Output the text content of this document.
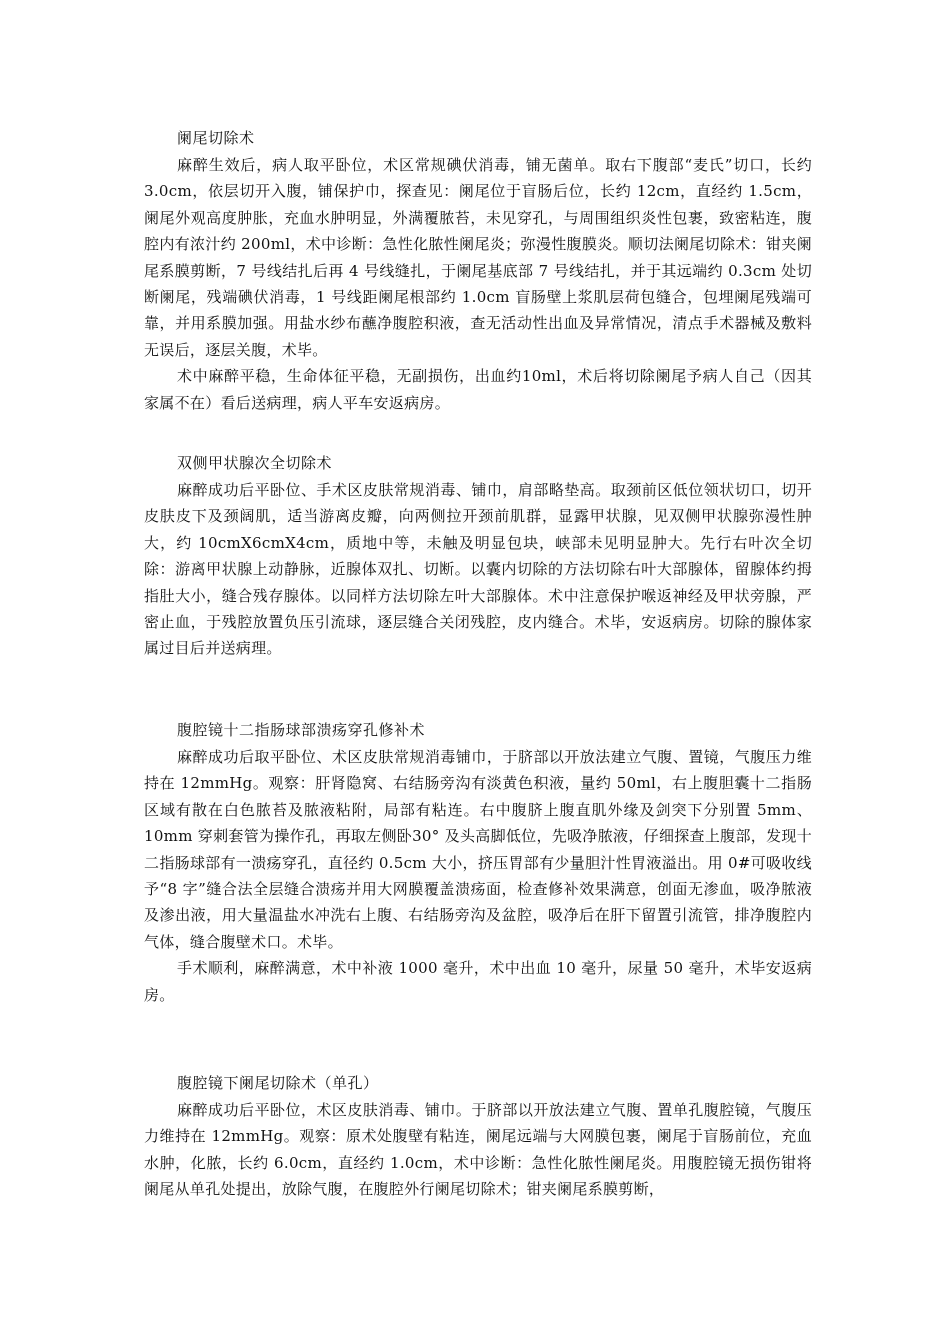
阑尾切除术

麻醉生效后，病人取平卧位，术区常规碘伏消毒，铺无菌单。取右下腹部“麦氏”切口，长约 3.0cm，依层切开入腹，铺保护巾，探查见：阑尾位于盲肠后位，长约 12cm，直经约 1.5cm，阑尾外观高度肿胀，充血水肿明显，外满覆脓苔，未见穿孔，与周围组织炎性包裹，致密粘连，腹腔内有浓汁约 200ml，术中诊断：急性化脓性阑尾炎；弥漫性腹膜炎。顺切法阑尾切除术：钳夹阑尾系膜剪断，7 号线结扎后再 4 号线缝扎，于阑尾基底部 7 号线结扎，并于其远端约 0.3cm 处切断阑尾，残端碘伏消毒，1 号线距阑尾根部约 1.0cm 盲肠壁上浆肌层荷包缝合，包埋阑尾残端可靠，并用系膜加强。用盐水纱布蘸净腹腔积液，查无活动性出血及异常情况，清点手术器械及敷料无误后，逐层关腹，术毕。

术中麻醉平稳，生命体征平稳，无副损伤，出血约10ml，术后将切除阑尾予病人自己（因其家属不在）看后送病理，病人平车安返病房。

双侧甲状腺次全切除术

麻醉成功后平卧位、手术区皮肤常规消毒、铺巾，肩部略垫高。取颈前区低位领状切口，切开皮肤皮下及颈阔肌，适当游离皮瓣，向两侧拉开颈前肌群，显露甲状腺，见双侧甲状腺弥漫性肿大，约 10cmX6cmX4cm，质地中等，未触及明显包块，峡部未见明显肿大。先行右叶次全切除：游离甲状腺上动静脉，近腺体双扎、切断。以囊内切除的方法切除右叶大部腺体，留腺体约拇指肚大小，缝合残存腺体。以同样方法切除左叶大部腺体。术中注意保护喉返神经及甲状旁腺，严密止血，于残腔放置负压引流球，逐层缝合关闭残腔，皮内缝合。术毕，安返病房。切除的腺体家属过目后并送病理。

腹腔镜十二指肠球部溃疡穿孔修补术

麻醉成功后取平卧位、术区皮肤常规消毒铺巾，于脐部以开放法建立气腹、置镜，气腹压力维持在 12mmHg。观察：肝肾隐窝、右结肠旁沟有淡黄色积液，量约 50ml，右上腹胆囊十二指肠区域有散在白色脓苔及脓液粘附，局部有粘连。右中腹脐上腹直肌外缘及剑突下分别置 5mm、10mm 穿刺套管为操作孔，再取左侧卧30° 及头高脚低位，先吸净脓液，仔细探查上腹部，发现十二指肠球部有一溃疡穿孔，直径约 0.5cm 大小，挤压胃部有少量胆汁性胃液溢出。用 0#可吸收线予“8 字”缝合法全层缝合溃疡并用大网膜覆盖溃疡面，检查修补效果满意，创面无渗血，吸净脓液及渗出液，用大量温盐水冲洗右上腹、右结肠旁沟及盆腔，吸净后在肝下留置引流管，排净腹腔内气体，缝合腹壁术口。术毕。

手术顺利，麻醉满意，术中补液 1000 毫升，术中出血 10 毫升，尿量 50 毫升，术毕安返病房。

腹腔镜下阑尾切除术（单孔）

麻醉成功后平卧位，术区皮肤消毒、铺巾。于脐部以开放法建立气腹、置单孔腹腔镜，气腹压力维持在 12mmHg。观察：原术处腹壁有粘连，阑尾远端与大网膜包裹，阑尾于盲肠前位，充血水肿，化脓，长约 6.0cm，直经约 1.0cm，术中诊断：急性化脓性阑尾炎。用腹腔镜无损伤钳将阑尾从单孔处提出，放除气腹，在腹腔外行阑尾切除术；钳夹阑尾系膜剪断，
